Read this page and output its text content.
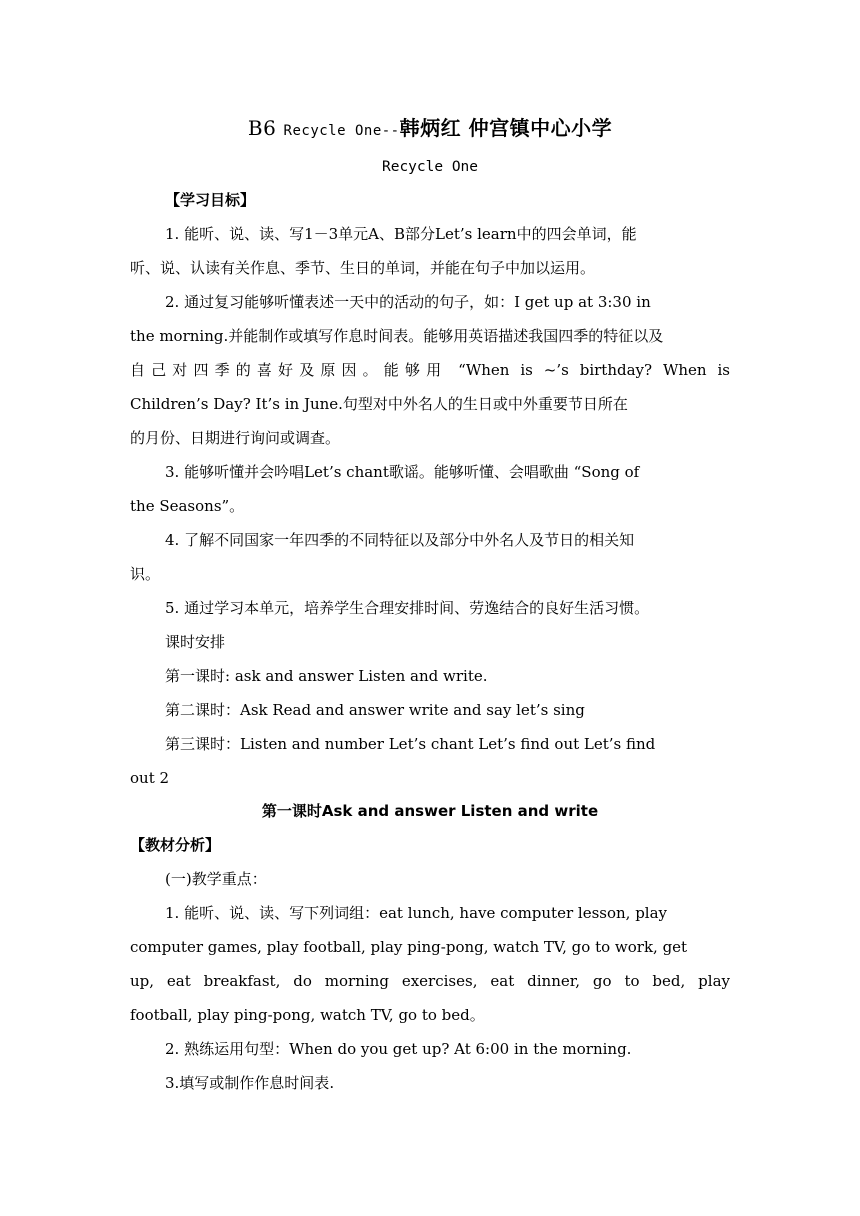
B6 Recycle One--韩炳红 仲宫镇中心小学
Recycle One
【学习目标】
1. 能听、说、读、写1－3单元A、B部分Let’s learn中的四会单词，能
听、说、认读有关作息、季节、生日的单词，并能在句子中加以运用。
2. 通过复习能够听懂表述一天中的活动的句子，如：I get up at 3:30 in
the morning.并能制作或填写作息时间表。能够用英语描述我国四季的特征以及
自己对四季的喜好及原因。能够用 “When is ~’s birthday? When is
Children’s Day? It’s in June.句型对中外名人的生日或中外重要节日所在
的月份、日期进行询问或调查。
3. 能够听懂并会吟唱Let’s chant歌谣。能够听懂、会唱歌曲 “Song of
the Seasons”。
4. 了解不同国家一年四季的不同特征以及部分中外名人及节日的相关知
识。
5. 通过学习本单元，培养学生合理安排时间、劳逸结合的良好生活习惯。
课时安排
第一课时: ask and answer Listen and write.
第二课时：Ask Read and answer write and say let’s sing
第三课时：Listen and number Let’s chant Let’s find out Let’s find
out 2
第一课时Ask and answer Listen and write
【教材分析】
(一)教学重点：
1. 能听、说、读、写下列词组：eat lunch, have computer lesson, play
computer games, play football, play ping-pong, watch TV, go to work, get
up, eat breakfast, do morning exercises, eat dinner, go to bed, play
football, play ping-pong, watch TV, go to bed。
2. 熟练运用句型：When do you get up? At 6:00 in the morning.
3.填写或制作作息时间表.
